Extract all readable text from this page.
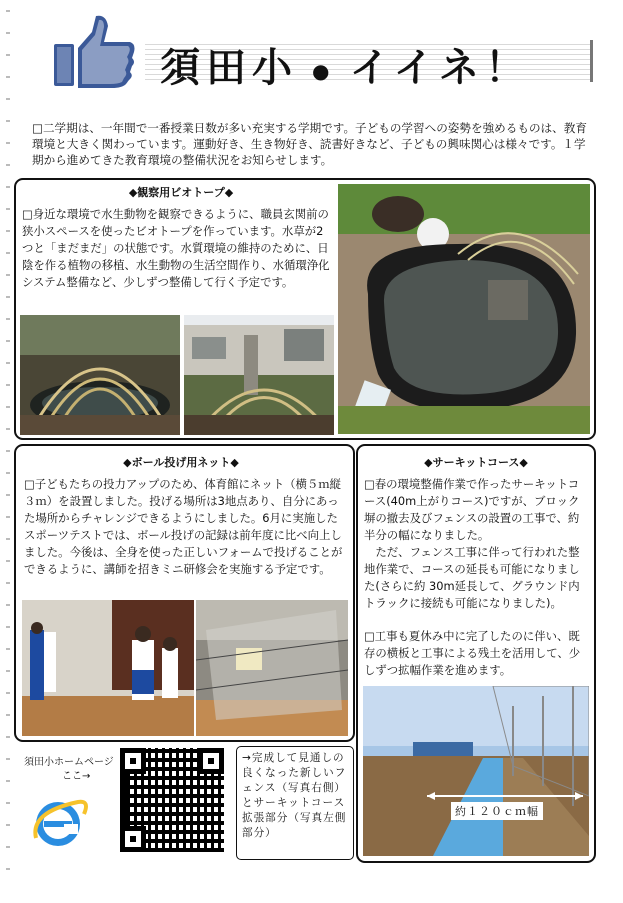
須田小 ● イイネ！
□二学期は、一年間で一番授業日数が多い充実する学期です。子どもの学習への姿勢を強めるものは、教育環境と大きく関わっています。運動好き、生き物好き、読書好きなど、子どもの興味関心は様々です。１学期から進めてきた教育環境の整備状況をお知らせします。
◆観察用ビオトープ◆
□身近な環境で水生動物を観察できるように、職員玄関前の狭小スペースを使ったビオトープを作っています。水草が2つと「まだまだ」の状態です。水質環境の維持のために、日陰を作る植物の移植、水生動物の生活空間作り、水循環浄化システム整備など、少しずつ整備して行く予定です。
◆ボール投げ用ネット◆
□子どもたちの投力アップのため、体育館にネット（横５ｍ縦３ｍ）を設置しました。投げる場所は3地点あり、自分にあった場所からチャレンジできるようにしました。6月に実施したスポーツテストでは、ボール投げの記録は前年度に比べ向上しました。今後は、全身を使った正しいフォームで投げることができるように、講師を招きミニ研修会を実施する予定です。
◆サーキットコース◆
□春の環境整備作業で作ったサーキットコース(40m上がりコース)ですが、ブロック塀の撤去及びフェンスの設置の工事で、約半分の幅になりました。
　ただ、フェンス工事に伴って行われた整地作業で、コースの延長も可能になりました(さらに約 30m延長して、グラウンド内トラックに接続も可能になりました)。
□工事も夏休み中に完了したのに伴い、既存の横板と工事による残土を活用して、少しずつ拡幅作業を進めます。
約１２０ｃｍ幅
須田小ホームページ
ここ→
→完成して見通しの良くなった新しいフェンス（写真右側）とサーキットコース拡張部分（写真左側部分）
